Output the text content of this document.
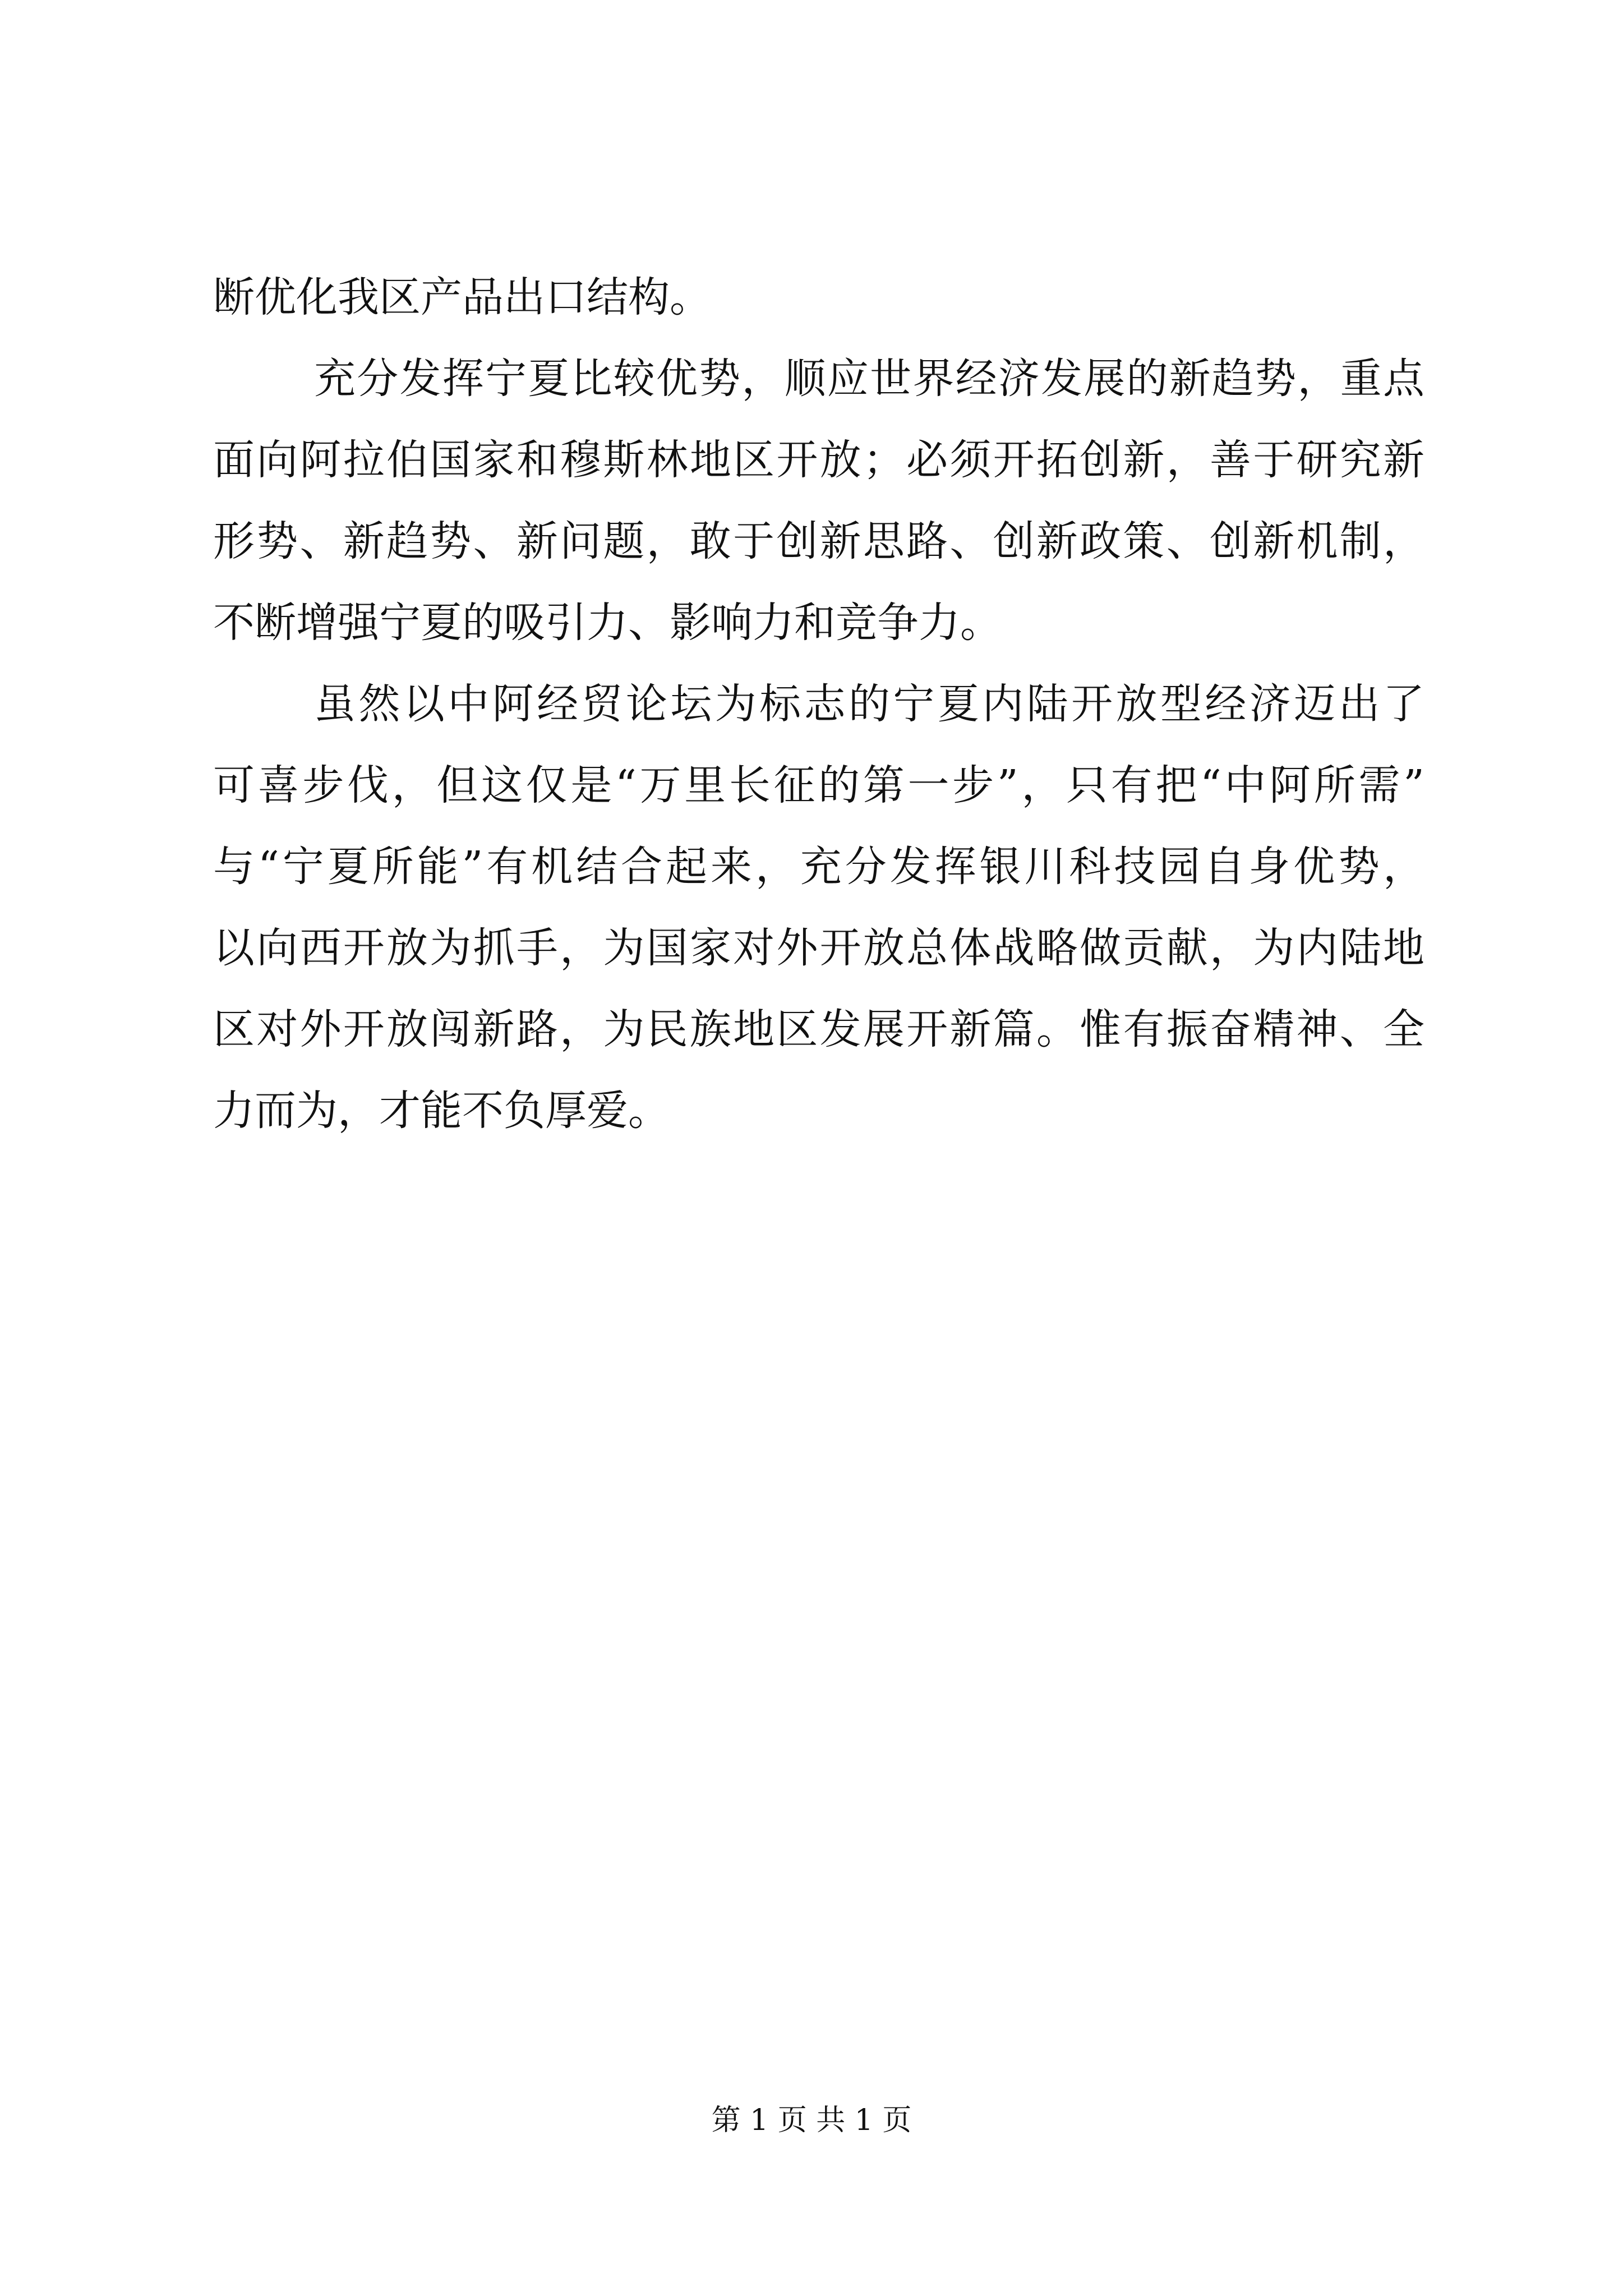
断优化我区产品出口结构。
充分发挥宁夏比较优势，顺应世界经济发展的新趋势，重点
面向阿拉伯国家和穆斯林地区开放；必须开拓创新，善于研究新
形势、新趋势、新问题，敢于创新思路、创新政策、创新机制，
不断增强宁夏的吸引力、影响力和竞争力。
虽然以中阿经贸论坛为标志的宁夏内陆开放型经济迈出了
可喜步伐，但这仅是“万里长征的第一步”，只有把“中阿所需”
与“宁夏所能”有机结合起来，充分发挥银川科技园自身优势，
以向西开放为抓手，为国家对外开放总体战略做贡献，为内陆地
区对外开放闯新路，为民族地区发展开新篇。惟有振奋精神、全
力而为，才能不负厚爱。
第 1 页 共 1 页
